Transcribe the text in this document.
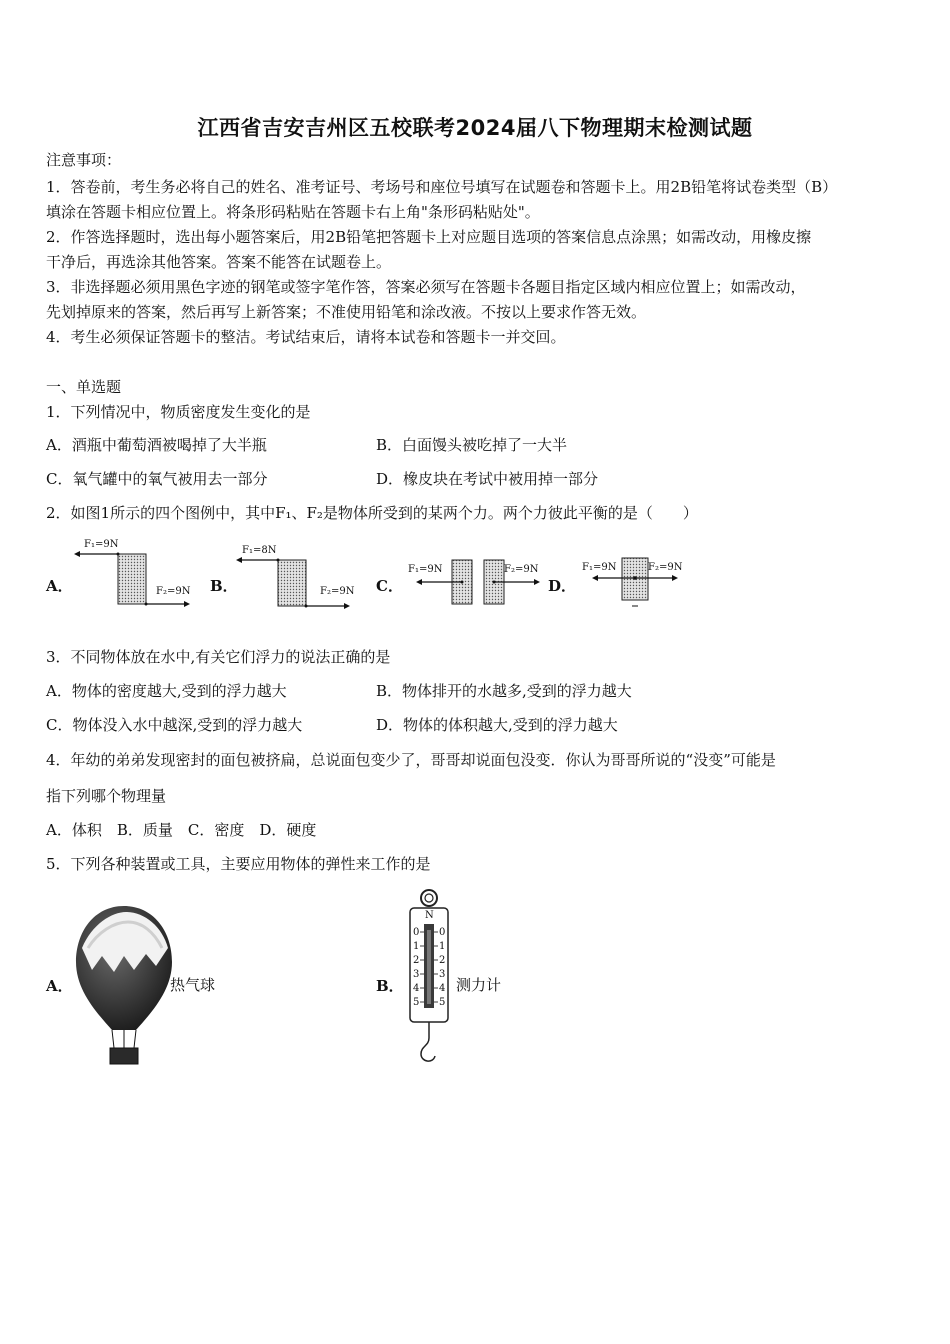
江西省吉安吉州区五校联考2024届八下物理期末检测试题
注意事项：
1．答卷前，考生务必将自己的姓名、准考证号、考场号和座位号填写在试题卷和答题卡上。用2B铅笔将试卷类型（B）
填涂在答题卡相应位置上。将条形码粘贴在答题卡右上角"条形码粘贴处"。
2．作答选择题时，选出每小题答案后，用2B铅笔把答题卡上对应题目选项的答案信息点涂黑；如需改动，用橡皮擦
干净后，再选涂其他答案。答案不能答在试题卷上。
3．非选择题必须用黑色字迹的钢笔或签字笔作答，答案必须写在答题卡各题目指定区域内相应位置上；如需改动，
先划掉原来的答案，然后再写上新答案；不准使用铅笔和涂改液。不按以上要求作答无效。
4．考生必须保证答题卡的整洁。考试结束后，请将本试卷和答题卡一并交回。
一、单选题
1．下列情况中，物质密度发生变化的是
A．酒瓶中葡萄酒被喝掉了大半瓶	B．白面馒头被吃掉了一大半
C．氧气罐中的氧气被用去一部分	D．橡皮块在考试中被用掉一部分
2．如图1所示的四个图例中，其中F₁、F₂是物体所受到的某两个力。两个力彼此平衡的是（　　）
A．
F₁=9N
F₂=9N B．
F₁=8N
F₂=9N C．
F₁=9N	F₂=9N
D．
F₁=9N	F₂=9N
3．不同物体放在水中,有关它们浮力的说法正确的是
A．物体的密度越大,受到的浮力越大	B．物体排开的水越多,受到的浮力越大
C．物体没入水中越深,受到的浮力越大	D．物体的体积越大,受到的浮力越大
4．年幼的弟弟发现密封的面包被挤扁，总说面包变少了，哥哥却说面包没变．你认为哥哥所说的“没变”可能是
指下列哪个物理量
A．体积　B．质量　C．密度　D．硬度
5．下列各种装置或工具，主要应用物体的弹性来工作的是
A．	热气球	B．
N
0
1
2
3
4
5
0
1
2
3
4
5
测力计
